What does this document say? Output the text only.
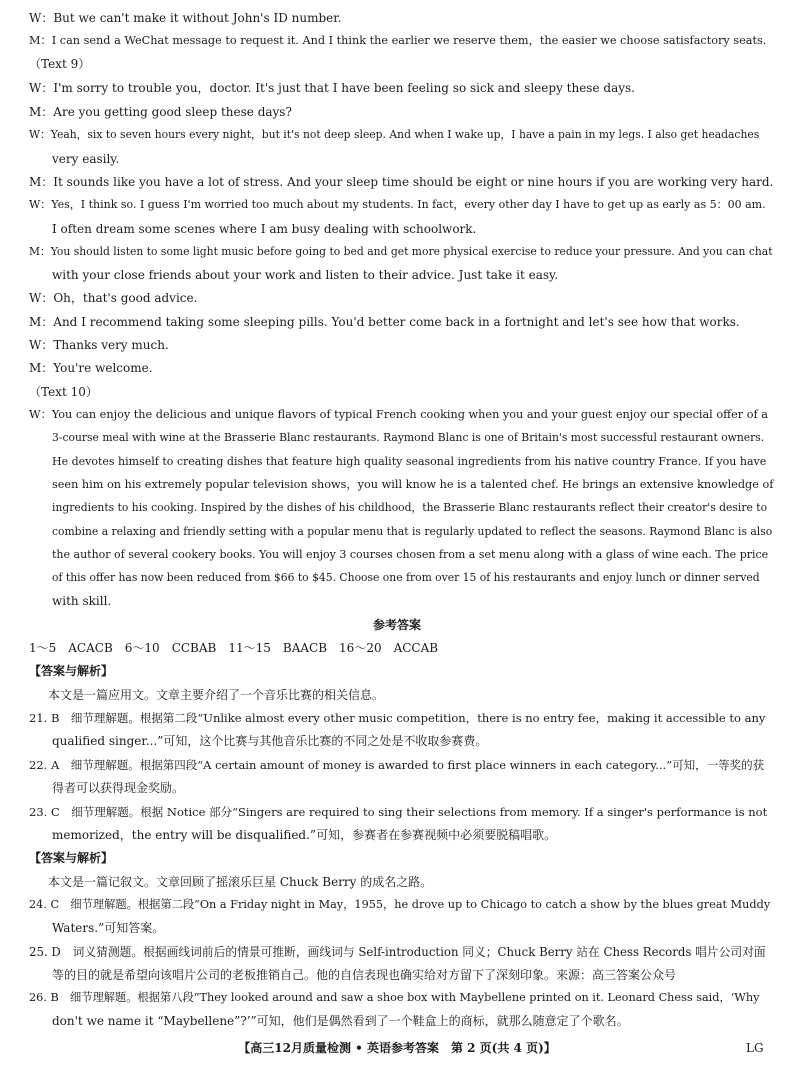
W：But we can't make it without John's ID number.
M：I can send a WeChat message to request it. And I think the earlier we reserve them，the easier we choose satisfactory seats.
（Text 9）
W：I'm sorry to trouble you，doctor. It's just that I have been feeling so sick and sleepy these days.
M：Are you getting good sleep these days?
W：Yeah，six to seven hours every night，but it's not deep sleep. And when I wake up，I have a pain in my legs. I also get headaches
very easily.
M：It sounds like you have a lot of stress. And your sleep time should be eight or nine hours if you are working very hard.
W：Yes，I think so. I guess I'm worried too much about my students. In fact，every other day I have to get up as early as 5：00 am.
I often dream some scenes where I am busy dealing with schoolwork.
M：You should listen to some light music before going to bed and get more physical exercise to reduce your pressure. And you can chat
with your close friends about your work and listen to their advice. Just take it easy.
W：Oh，that's good advice.
M：And I recommend taking some sleeping pills. You'd better come back in a fortnight and let's see how that works.
W：Thanks very much.
M：You're welcome.
（Text 10）
W：You can enjoy the delicious and unique flavors of typical French cooking when you and your guest enjoy our special offer of a
3-course meal with wine at the Brasserie Blanc restaurants. Raymond Blanc is one of Britain's most successful restaurant owners.
He devotes himself to creating dishes that feature high quality seasonal ingredients from his native country France. If you have
seen him on his extremely popular television shows，you will know he is a talented chef. He brings an extensive knowledge of
ingredients to his cooking. Inspired by the dishes of his childhood，the Brasserie Blanc restaurants reflect their creator's desire to
combine a relaxing and friendly setting with a popular menu that is regularly updated to reflect the seasons. Raymond Blanc is also
the author of several cookery books. You will enjoy 3 courses chosen from a set menu along with a glass of wine each. The price
of this offer has now been reduced from $66 to $45. Choose one from over 15 of his restaurants and enjoy lunch or dinner served
with skill.
参考答案
1～5　ACACB　6～10　CCBAB　11～15　BAACB　16～20　ACCAB
【答案与解析】
本文是一篇应用文。文章主要介绍了一个音乐比赛的相关信息。
21. B　细节理解题。根据第二段“Unlike almost every other music competition，there is no entry fee，making it accessible to any
qualified singer...”可知，这个比赛与其他音乐比赛的不同之处是不收取参赛费。
22. A　细节理解题。根据第四段“A certain amount of money is awarded to first place winners in each category...”可知，一等奖的获
得者可以获得现金奖励。
23. C　细节理解题。根据 Notice 部分“Singers are required to sing their selections from memory. If a singer's performance is not
memorized，the entry will be disqualified.”可知，参赛者在参赛视频中必须要脱稿唱歌。
【答案与解析】
本文是一篇记叙文。文章回顾了摇滚乐巨星 Chuck Berry 的成名之路。
24. C　细节理解题。根据第二段“On a Friday night in May，1955，he drove up to Chicago to catch a show by the blues great Muddy
Waters.”可知答案。
25. D　词义猜测题。根据画线词前后的情景可推断，画线词与 Self-introduction 同义；Chuck Berry 站在 Chess Records 唱片公司对面
等的目的就是希望向该唱片公司的老板推销自己。他的自信表现也确实给对方留下了深刻印象。来源：高三答案公众号
26. B　细节理解题。根据第八段“They looked around and saw a shoe box with Maybellene printed on it. Leonard Chess said，‘Why
don't we name it “Maybellene”?’”可知，他们是偶然看到了一个鞋盒上的商标，就那么随意定了个歌名。
【高三12月质量检测 • 英语参考答案　第 2 页(共 4 页)】	LG
